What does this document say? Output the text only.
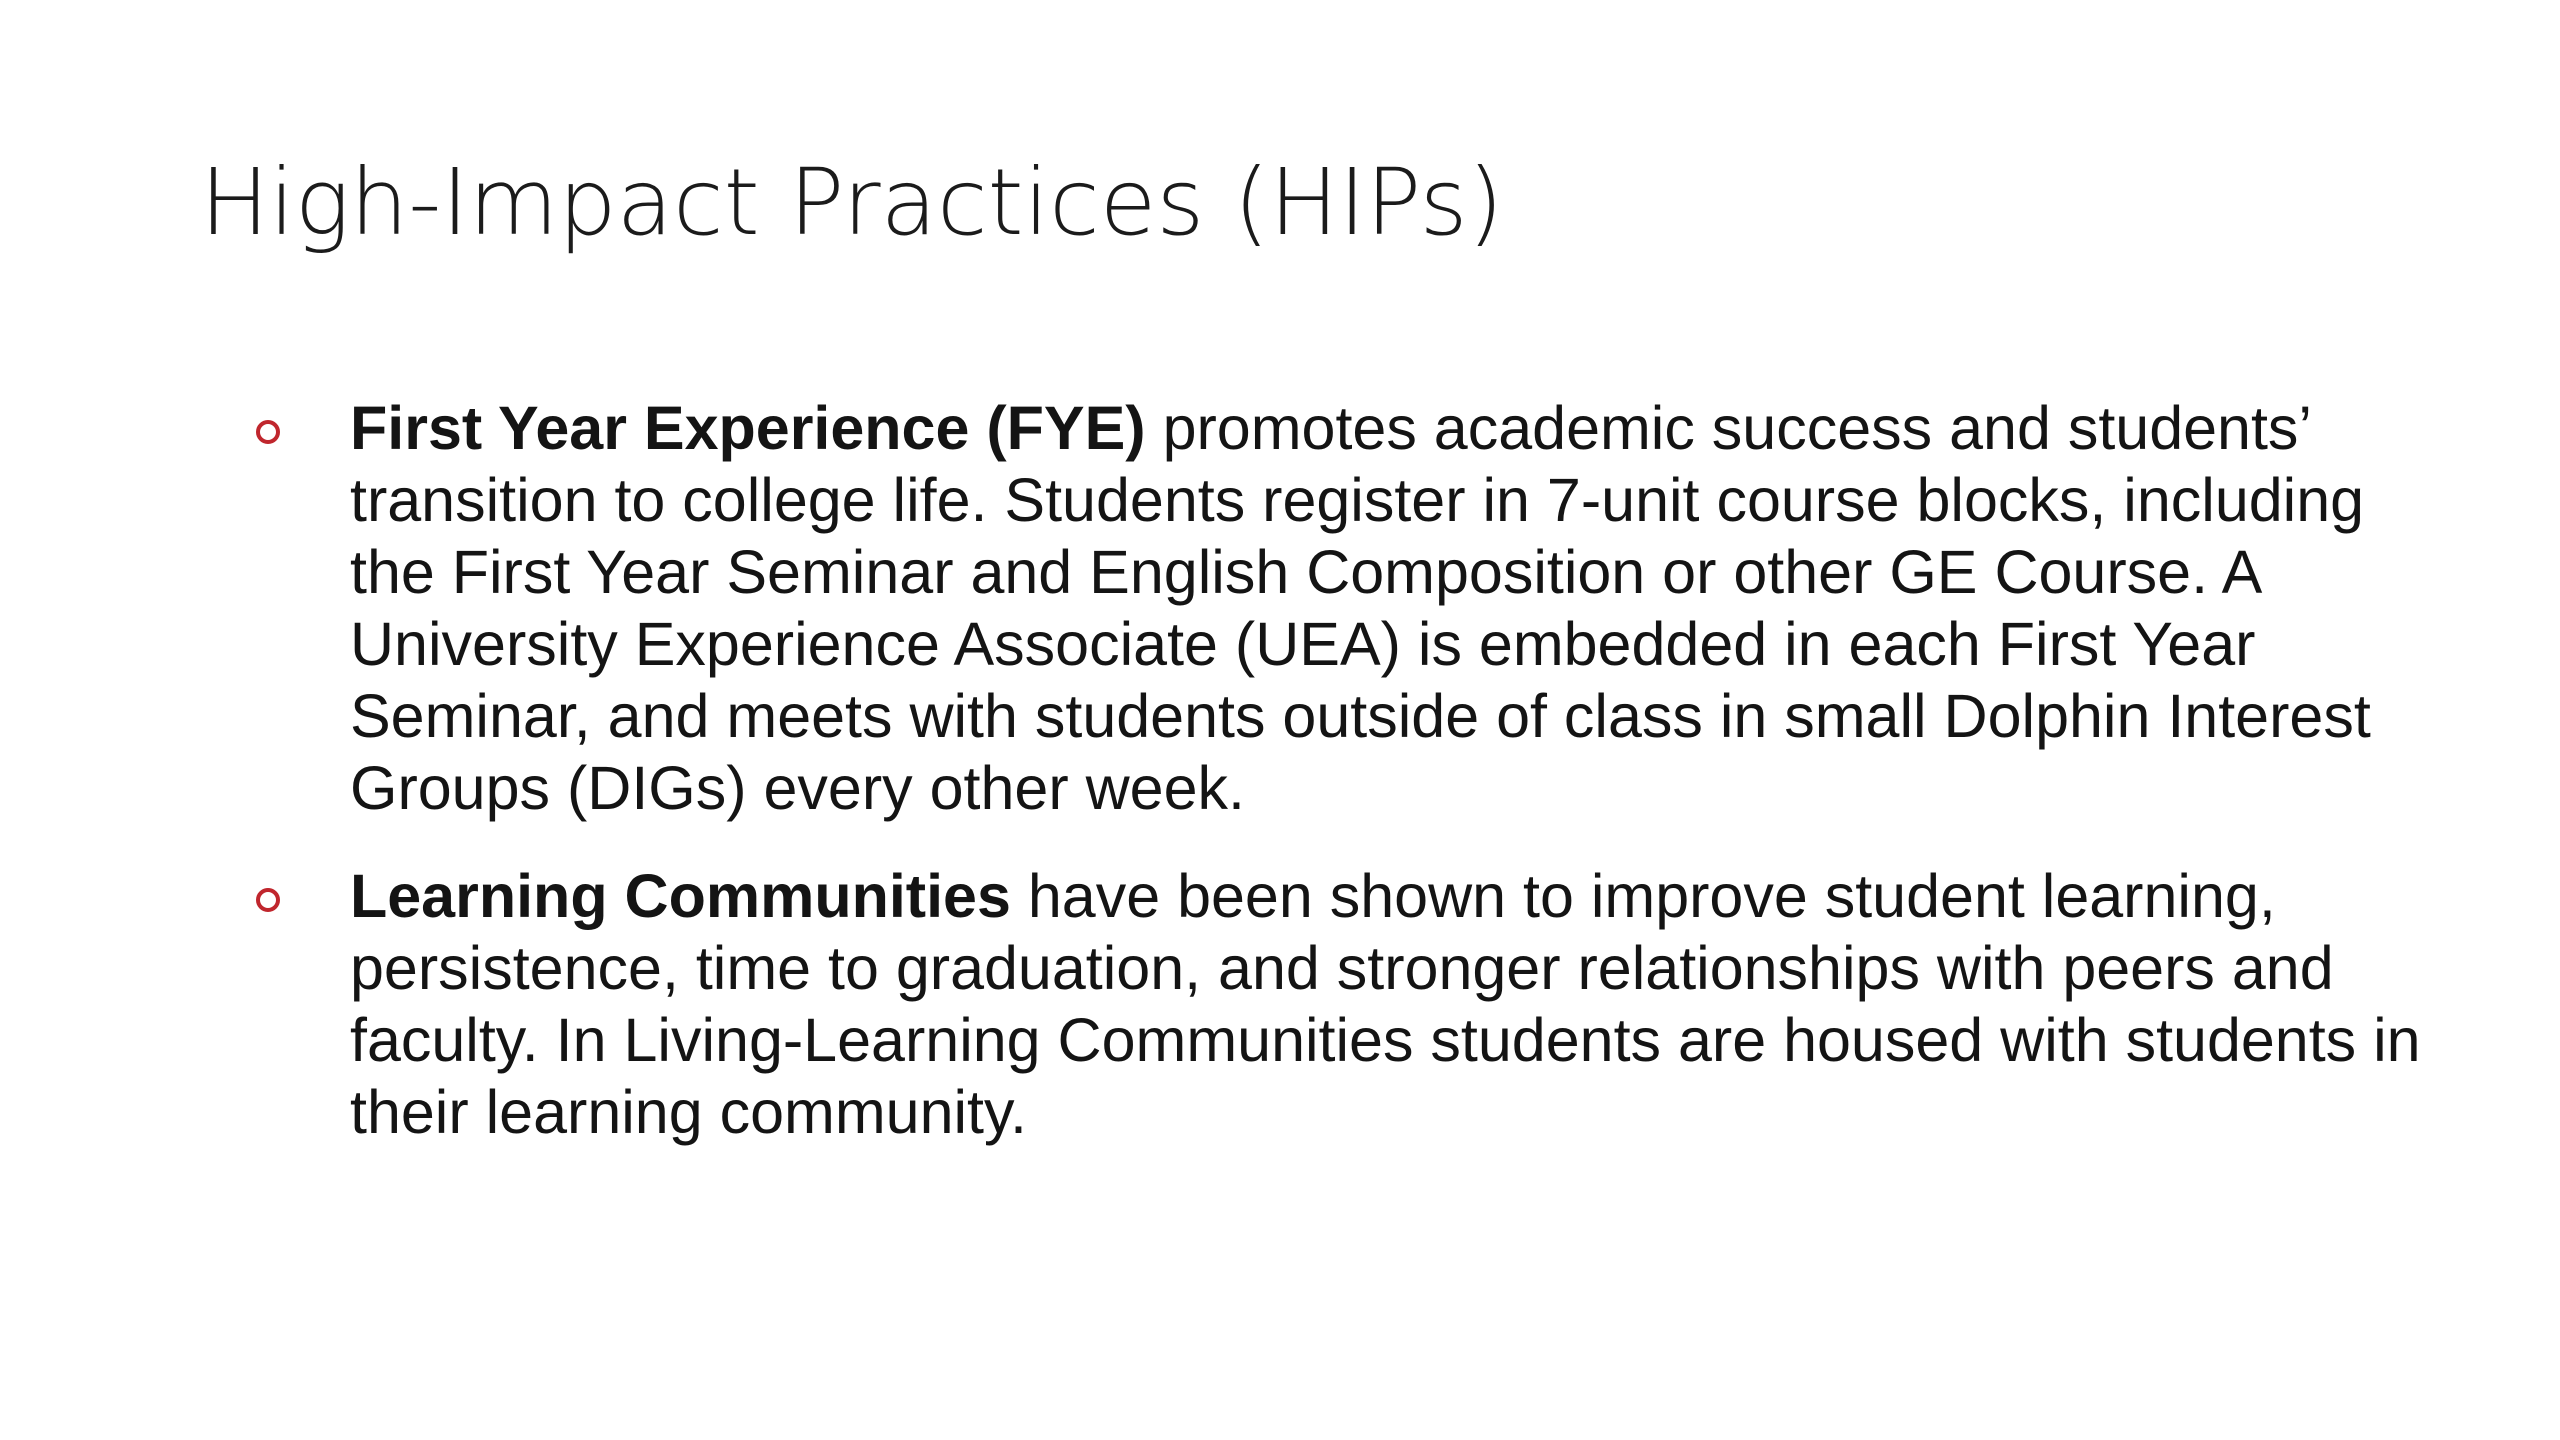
High-Impact Practices (HIPs)
First Year Experience (FYE) promotes academic success and students’ transition to college life. Students register in 7-unit course blocks, including the First Year Seminar and English Composition or other GE Course. A University Experience Associate (UEA) is embedded in each First Year Seminar, and meets with students outside of class in small Dolphin Interest Groups (DIGs) every other week.
Learning Communities have been shown to improve student learning, persistence, time to graduation, and stronger relationships with peers and faculty. In Living-Learning Communities students are housed with students in their learning community.
